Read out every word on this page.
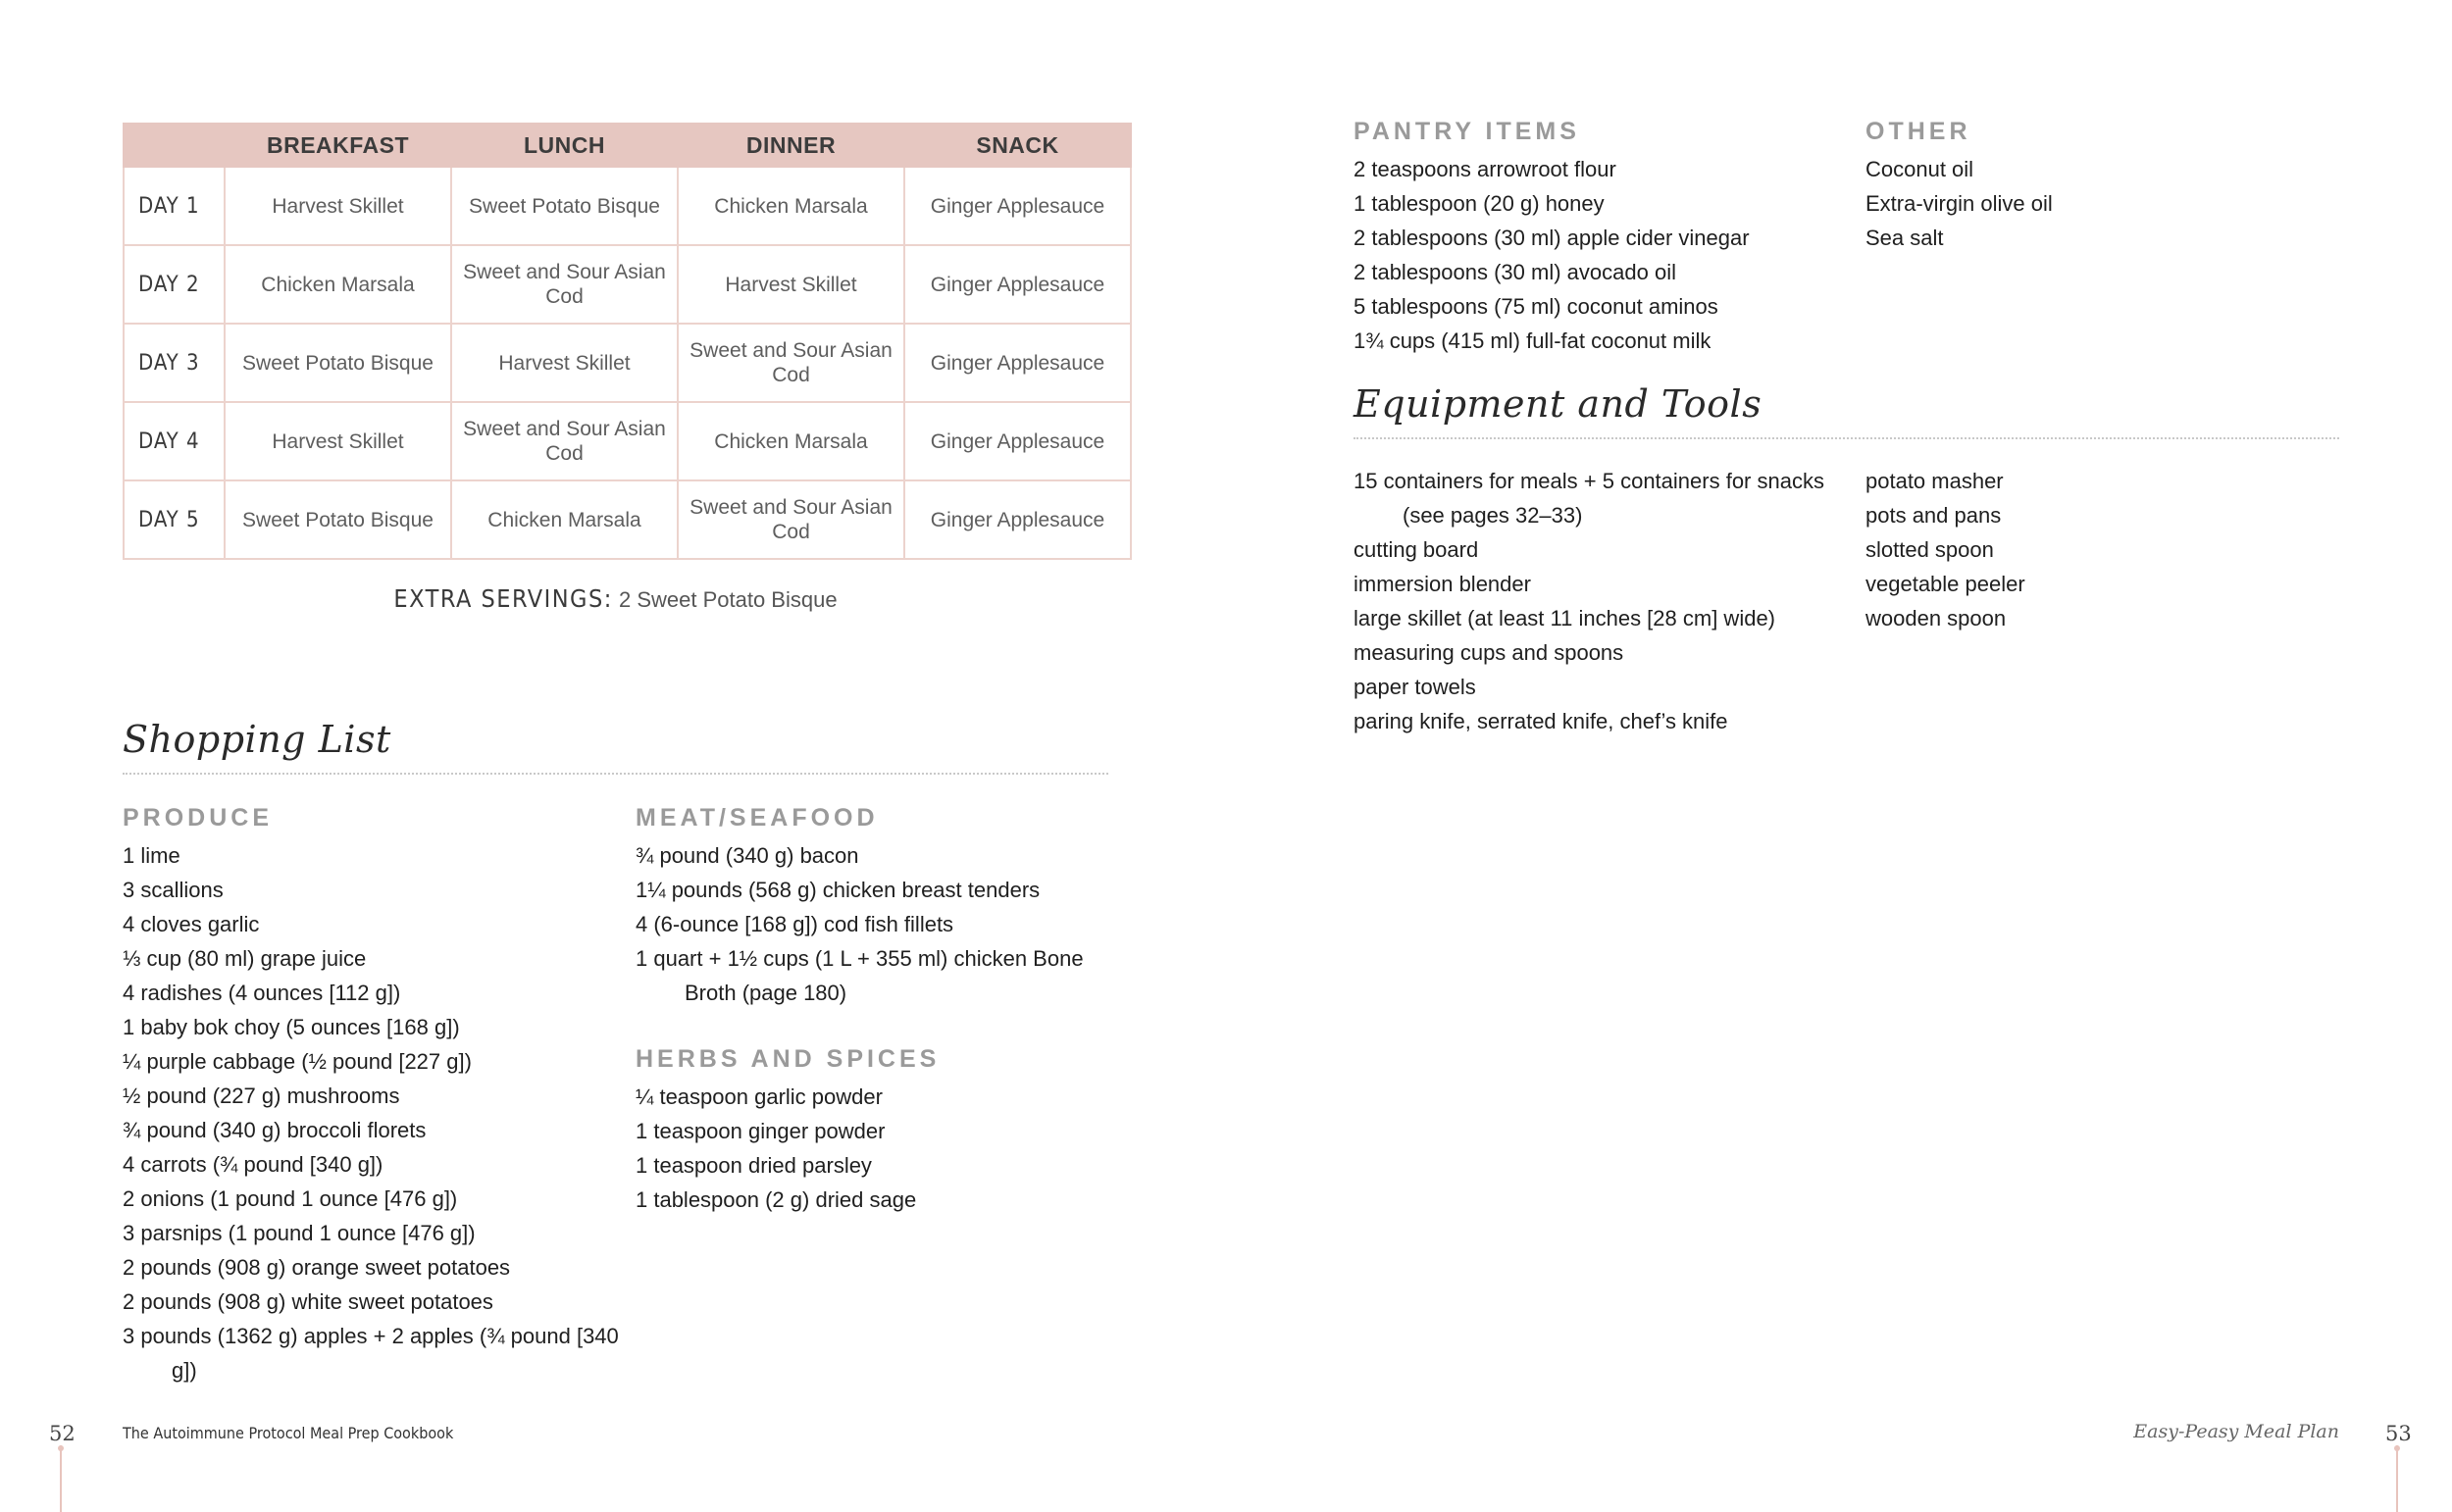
	BREAKFAST	LUNCH	DINNER	SNACK
DAY 1	Harvest Skillet	Sweet Potato Bisque	Chicken Marsala	Ginger Applesauce
DAY 2	Chicken Marsala	Sweet and Sour Asian Cod	Harvest Skillet	Ginger Applesauce
DAY 3	Sweet Potato Bisque	Harvest Skillet	Sweet and Sour Asian Cod	Ginger Applesauce
DAY 4	Harvest Skillet	Sweet and Sour Asian Cod	Chicken Marsala	Ginger Applesauce
DAY 5	Sweet Potato Bisque	Chicken Marsala	Sweet and Sour Asian Cod	Ginger Applesauce
EXTRA SERVINGS: 2 Sweet Potato Bisque
Shopping List
PRODUCE
1 lime
3 scallions
4 cloves garlic
⅓ cup (80 ml) grape juice
4 radishes (4 ounces [112 g])
1 baby bok choy (5 ounces [168 g])
¼ purple cabbage (½ pound [227 g])
½ pound (227 g) mushrooms
¾ pound (340 g) broccoli florets
4 carrots (¾ pound [340 g])
2 onions (1 pound 1 ounce [476 g])
3 parsnips (1 pound 1 ounce [476 g])
2 pounds (908 g) orange sweet potatoes
2 pounds (908 g) white sweet potatoes
3 pounds (1362 g) apples + 2 apples (¾ pound [340 g])
MEAT/SEAFOOD
¾ pound (340 g) bacon
1¼ pounds (568 g) chicken breast tenders
4 (6-ounce [168 g]) cod fish fillets
1 quart + 1½ cups (1 L + 355 ml) chicken Bone Broth (page 180)
HERBS AND SPICES
¼ teaspoon garlic powder
1 teaspoon ginger powder
1 teaspoon dried parsley
1 tablespoon (2 g) dried sage
PANTRY ITEMS
2 teaspoons arrowroot flour
1 tablespoon (20 g) honey
2 tablespoons (30 ml) apple cider vinegar
2 tablespoons (30 ml) avocado oil
5 tablespoons (75 ml) coconut aminos
1¾ cups (415 ml) full-fat coconut milk
OTHER
Coconut oil
Extra-virgin olive oil
Sea salt
Equipment and Tools
15 containers for meals + 5 containers for snacks (see pages 32–33)
cutting board
immersion blender
large skillet (at least 11 inches [28 cm] wide)
measuring cups and spoons
paper towels
paring knife, serrated knife, chef’s knife
potato masher
pots and pans
slotted spoon
vegetable peeler
wooden spoon
52	The Autoimmune Protocol Meal Prep Cookbook	Easy-Peasy Meal Plan 53
